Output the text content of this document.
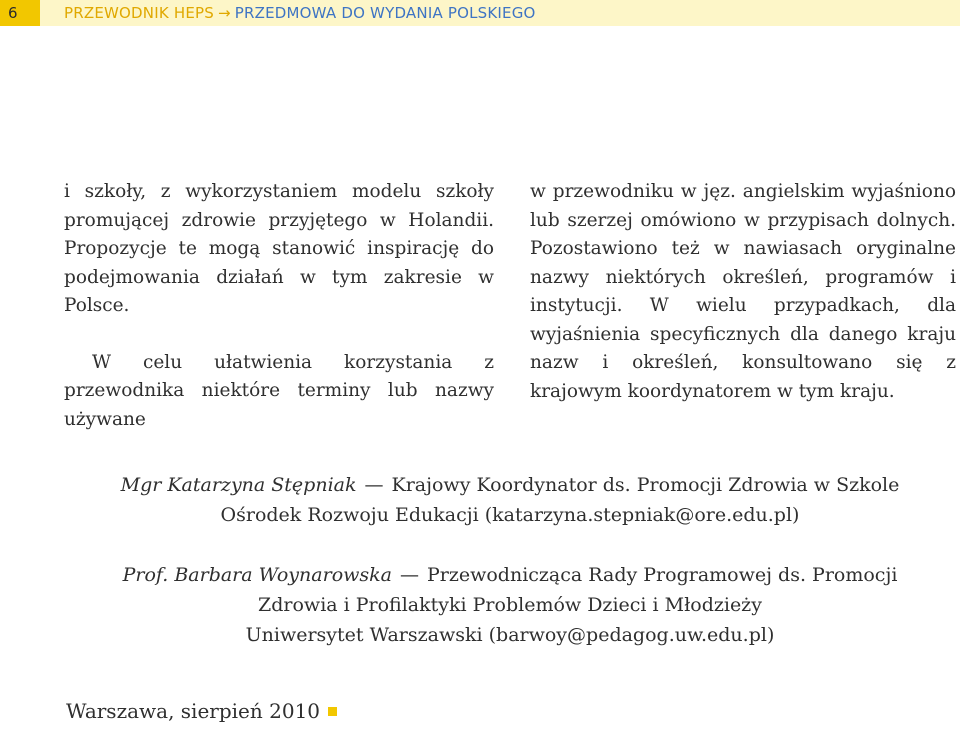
6	PRZEWODNIK HEPS → PRZEDMOWA DO WYDANIA POLSKIEGO

i szkoły, z wykorzystaniem modelu szkoły promującej zdrowie przyjętego w Holandii. Propozycje te mogą stanowić inspirację do podejmowania działań w tym zakresie w Polsce.

W celu ułatwienia korzystania z przewodnika niektóre terminy lub nazwy używane

w przewodniku w jęz. angielskim wyjaśniono lub szerzej omówiono w przypisach dolnych. Pozostawiono też w nawiasach oryginalne nazwy niektórych określeń, programów i instytucji. W wielu przypadkach, dla wyjaśnienia specyficznych dla danego kraju nazw i określeń, konsultowano się z krajowym koordynatorem w tym kraju.

Mgr Katarzyna Stępniak — Krajowy Koordynator ds. Promocji Zdrowia w Szkole
Ośrodek Rozwoju Edukacji (katarzyna.stepniak@ore.edu.pl)
Prof. Barbara Woynarowska — Przewodnicząca Rady Programowej ds. Promocji
Zdrowia i Profilaktyki Problemów Dzieci i Młodzieży
Uniwersytet Warszawski (barwoy@pedagog.uw.edu.pl)
Warszawa, sierpień 2010
